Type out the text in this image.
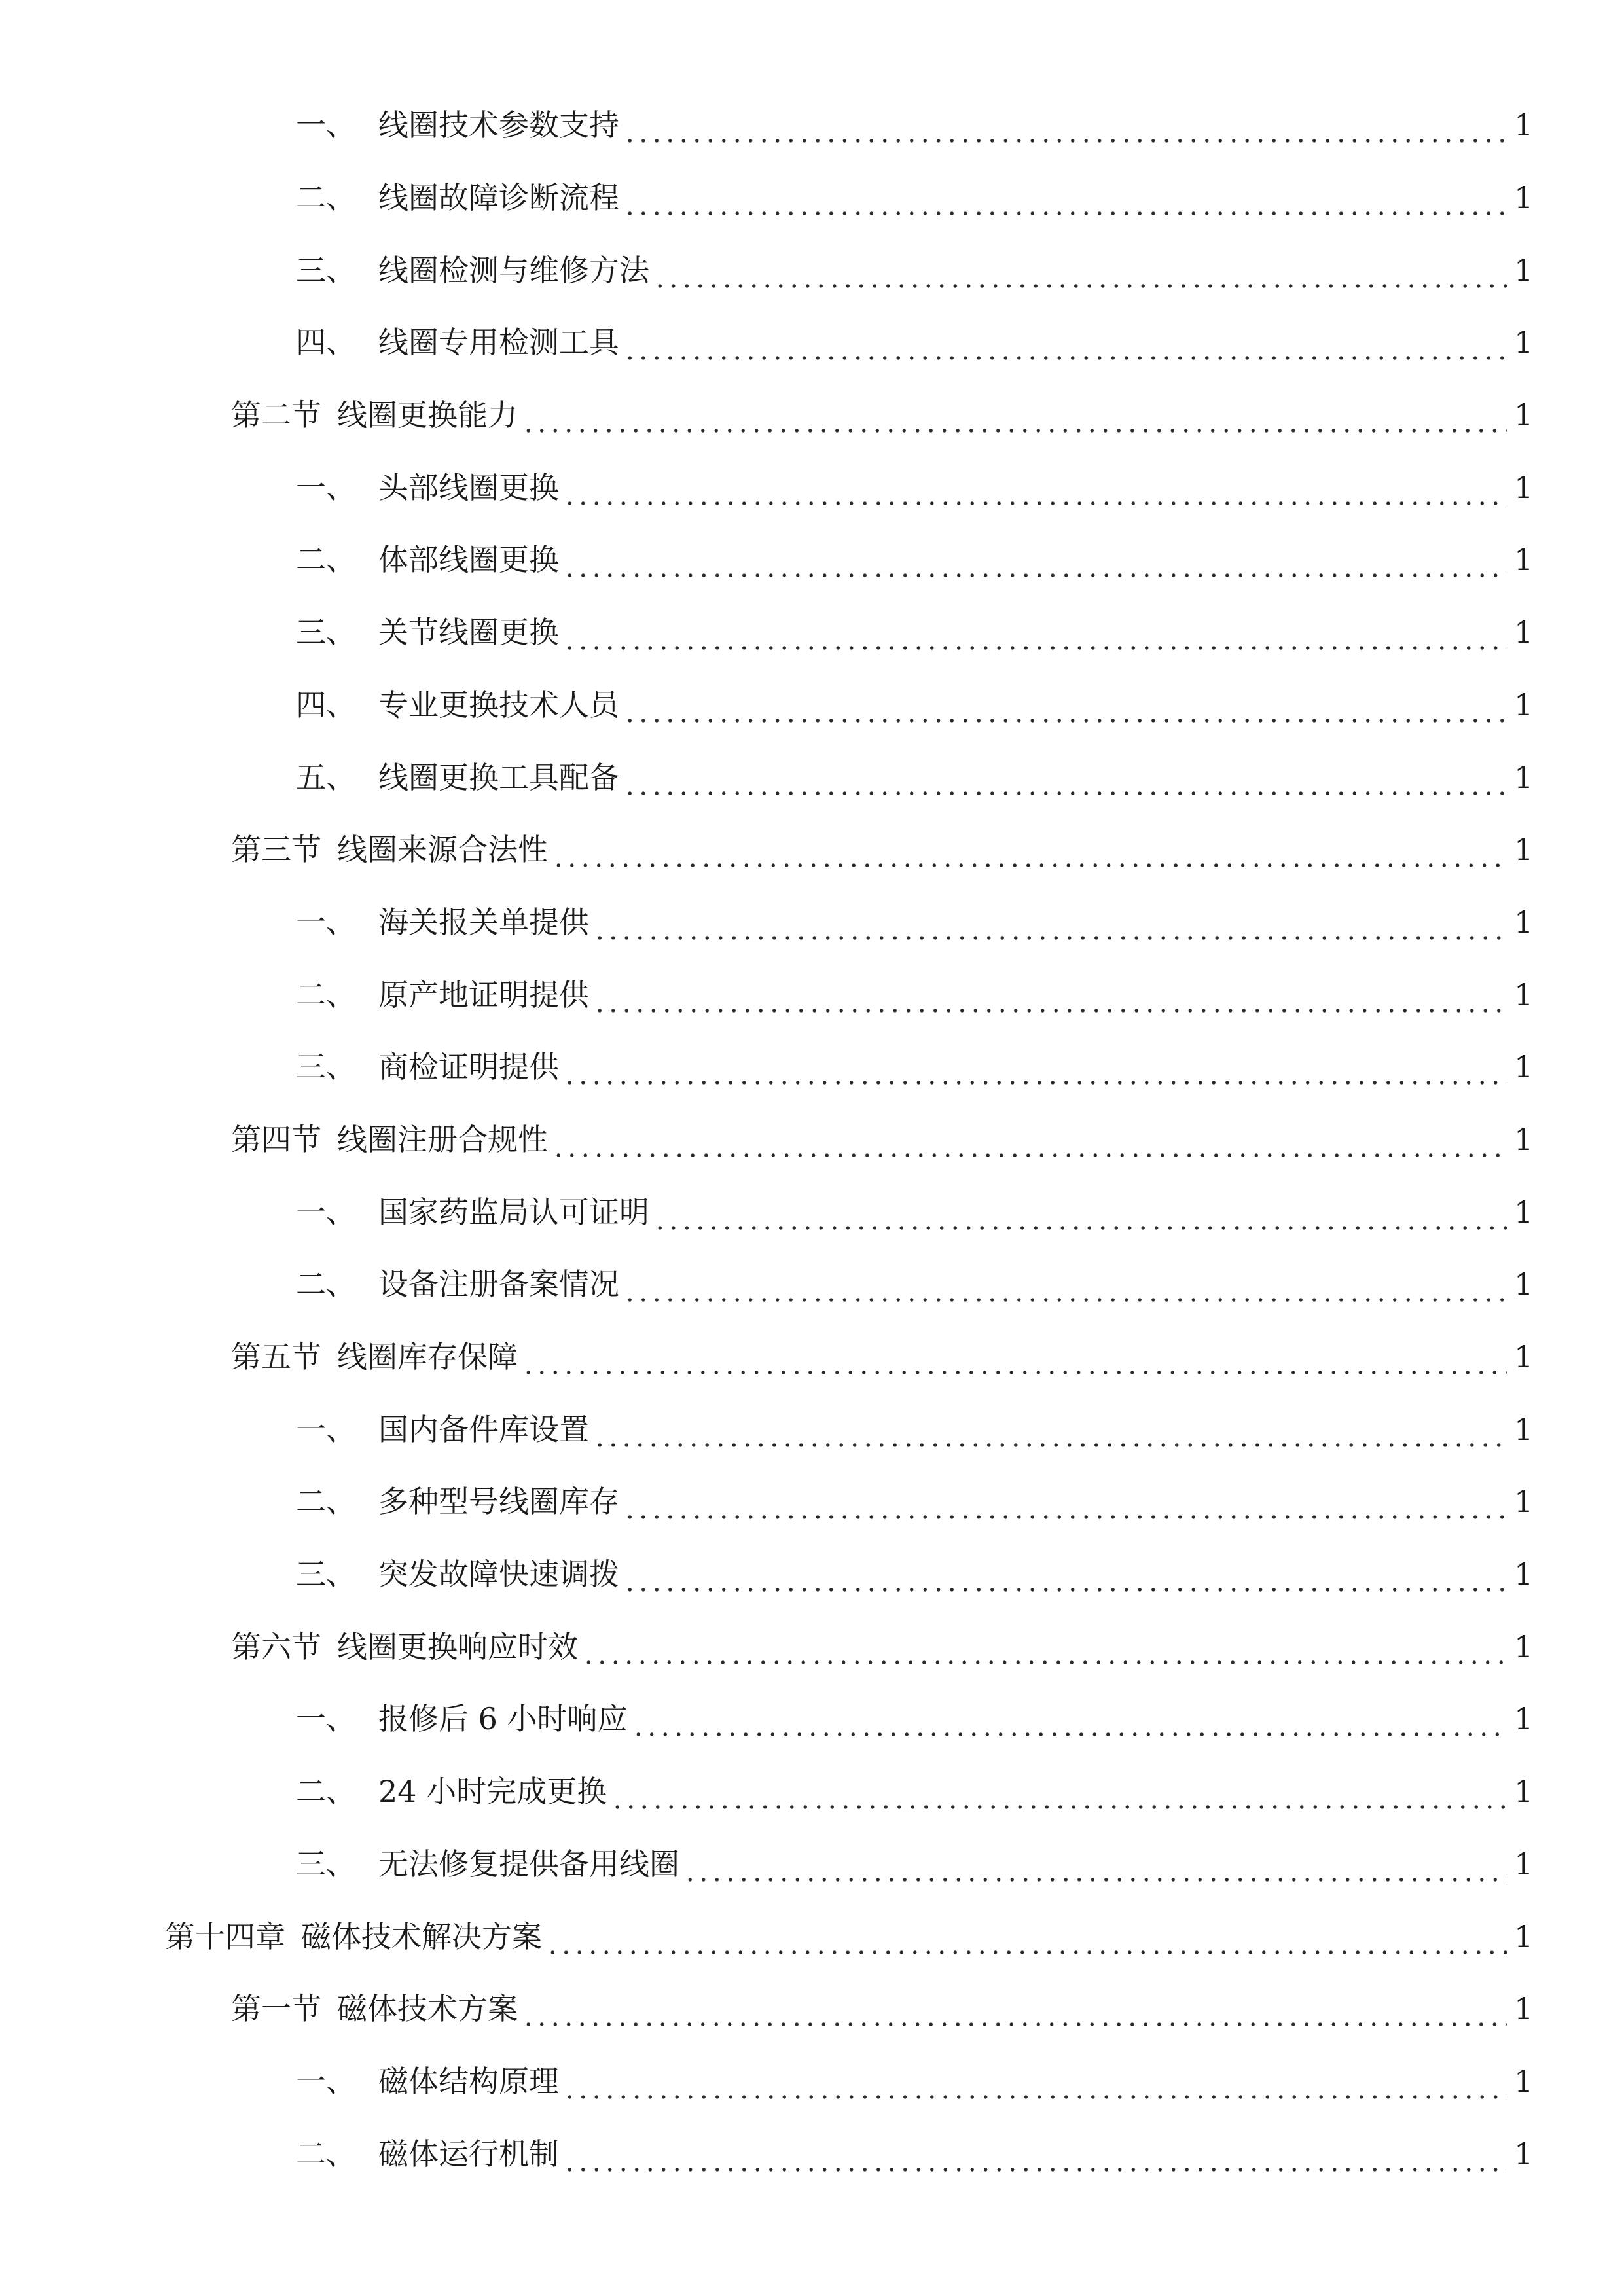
一、 线圈技术参数支持	1
二、 线圈故障诊断流程	1
三、 线圈检测与维修方法	1
四、 线圈专用检测工具	1
第二节 线圈更换能力	1
一、 头部线圈更换	1
二、 体部线圈更换	1
三、 关节线圈更换	1
四、 专业更换技术人员	1
五、 线圈更换工具配备	1
第三节 线圈来源合法性	1
一、 海关报关单提供	1
二、 原产地证明提供	1
三、 商检证明提供	1
第四节 线圈注册合规性	1
一、 国家药监局认可证明	1
二、 设备注册备案情况	1
第五节 线圈库存保障	1
一、 国内备件库设置	1
二、 多种型号线圈库存	1
三、 突发故障快速调拨	1
第六节 线圈更换响应时效	1
一、 报修后 6 小时响应	1
二、 24 小时完成更换	1
三、 无法修复提供备用线圈	1
第十四章 磁体技术解决方案	1
第一节 磁体技术方案	1
一、 磁体结构原理	1
二、 磁体运行机制	1
